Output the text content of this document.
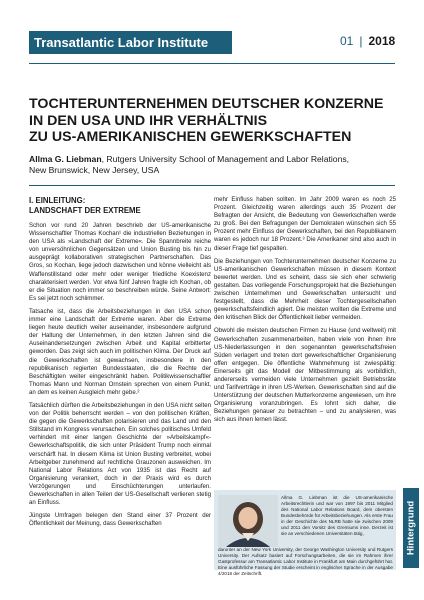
Transatlantic Labor Institute	01 | 2018
TOCHTERUNTERNEHMEN DEUTSCHER KONZERNE
IN DEN USA UND IHR VERHÄLTNIS
ZU US-AMERIKANISCHEN GEWERKSCHAFTEN
Allma G. Liebman, Rutgers University School of Management and Labor Relations,
New Brunswick, New Jersey, USA
I. EINLEITUNG:
LANDSCHAFT DER EXTREME

Schon vor rund 20 Jahren beschrieb der US-amerikanische Wissenschaftler Thomas Kochan¹ die industriellen Beziehungen in den USA als »Landschaft der Extreme«. Die Spannbreite reiche von unversöhnlichen Gegensätzen und Union Busting bis hin zu ausgeprägt kollaborativen strategischen Partnerschaften. Das Gros, so Kochan, liege jedoch dazwischen und könne vielleicht als Waffenstillstand oder mehr oder weniger friedliche Koexistenz charakterisiert werden. Vor etwa fünf Jahren fragte ich Kochan, ob er die Situation noch immer so beschreiben würde. Seine Antwort: Es sei jetzt noch schlimmer.

Tatsache ist, dass die Arbeitsbeziehungen in den USA schon immer eine Landschaft der Extreme waren. Aber die Extreme liegen heute deutlich weiter auseinander, insbesondere aufgrund der Haltung der Unternehmen, in den letzten Jahren sind die Auseinandersetzungen zwischen Arbeit und Kapital erbitterter geworden. Das zeigt sich auch im politischen Klima. Der Druck auf die Gewerkschaften ist gewachsen, insbesondere in den republikanisch regierten Bundesstaaten, die die Rechte der Beschäftigten weiter eingeschränkt haben. Politikwissenschaftler Thomas Mann und Norman Ornstein sprechen von einem Punkt, an dem es keinen Ausgleich mehr gebe.²

Tatsächlich dürften die Arbeitsbeziehungen in den USA nicht selten von der Politik beherrscht werden – von den politischen Kräften, die gegen die Gewerkschaften polarisieren und das Land und den Stillstand im Kongress verursachen. Ein solches politisches Umfeld verhindert mit einer langen Geschichte der »Arbeitskampf«-Gewerkschaftspolitik, die sich unter Präsident Trump noch einmal verschärft hat. In diesem Klima ist Union Busting verbreitet, wobei Arbeitgeber zunehmend auf rechtliche Grauzonen ausweichen. Im National Labor Relations Act von 1935 ist das Recht auf Organisierung verankert, doch in der Praxis wird es durch Verzögerungen und Einschüchterungen unterlaufen. Gewerkschaften in allen Teilen der US-Gesellschaft verlieren stetig an Einfluss.

Jüngste Umfragen belegen den Stand einer 37 Prozent der Öffentlichkeit der Meinung, dass Gewerkschaften

mehr Einfluss haben sollten. Im Jahr 2009 waren es noch 25 Prozent. Gleichzeitig waren allerdings auch 35 Prozent der Befragten der Ansicht, die Bedeutung von Gewerkschaften werde zu groß. Bei den Befragungen der Demokraten wünschen sich 55 Prozent mehr Einfluss der Gewerkschaften, bei den Republikanern waren es jedoch nur 18 Prozent.³ Die Amerikaner sind also auch in dieser Frage tief gespalten.

Die Beziehungen von Tochterunternehmen deutscher Konzerne zu US-amerikanischen Gewerkschaften müssen in diesem Kontext bewertet werden. Und es scheint, dass sie sich eher schwierig gestalten. Das vorliegende Forschungsprojekt hat die Beziehungen zwischen Unternehmen und Gewerkschaften untersucht und festgestellt, dass die Mehrheit dieser Tochtergesellschaften gewerkschaftsfeindlich agiert. Die meisten wollten die Extreme und den kritischen Blick der Öffentlichkeit lieber vermeiden.

Obwohl die meisten deutschen Firmen zu Hause (und weltweit) mit Gewerkschaften zusammenarbeiten, haben viele von ihnen ihre US-Niederlassungen in den sogenannten gewerkschaftsfreien Süden verlagert und treten dort gewerkschaftlicher Organisierung offen entgegen. Die öffentliche Wahrnehmung ist zwiespältig: Einerseits gilt das Modell der Mitbestimmung als vorbildlich, andererseits vermeiden viele Unternehmen gezielt Betriebsräte und Tarifverträge in ihren US-Werken. Gewerkschaften sind auf die Unterstützung der deutschen Mutterkonzerne angewiesen, um ihre Organisierung voranzubringen. Es lohnt sich daher, die Beziehungen genauer zu betrachten – und zu analysieren, was sich aus ihnen lernen lässt.

Allma G. Liebman ist die US-amerikanische Arbeitsrechtlerin und war von 1997 bis 2011 Mitglied des National Labor Relations Board, dem obersten Bundesbehörde für Arbeitsbeziehungen. Als erste Frau in der Geschichte des NLRB hatte sie zwischen 2009 und 2011 den Vorsitz des Gremiums inne. Derzeit ist sie an verschiedenen Universitäten tätig,
darunter an der New York University, der George Washington University und Rutgers University. Der Aufsatz basiert auf Forschungsarbeiten, die sie im Rahmen ihrer Gastprofessur am Transatlantic Labor Institute in Frankfurt am Main durchgeführt hat. Eine ausführliche Fassung der Studie erscheint in englischer Sprache in der Ausgabe 4/2018 der Zeitschrift.
Hintergrund
